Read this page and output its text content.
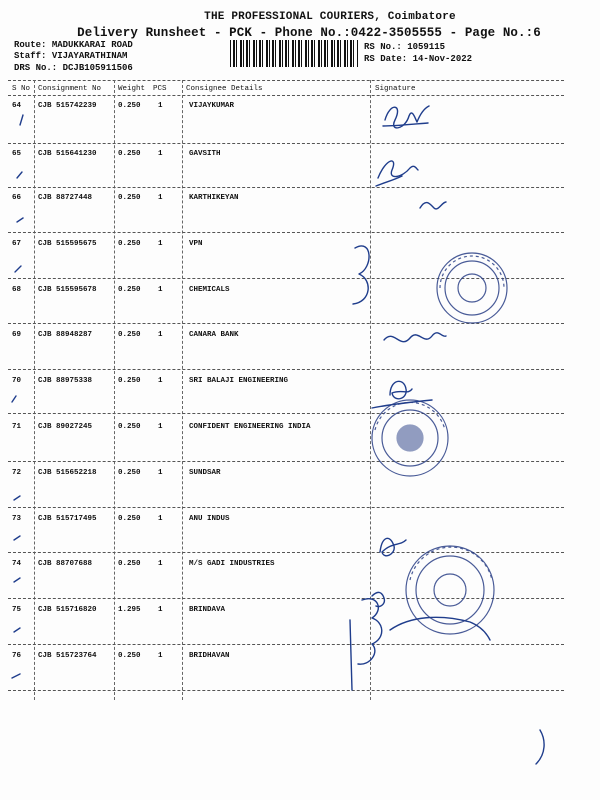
THE PROFESSIONAL COURIERS, Coimbatore
Delivery Runsheet - PCK - Phone No.:0422-3505555 - Page No.:6
Route: MADUKKARAI ROAD
Staff: VIJAYARATHINAM
DRS No.: DCJB105911506
RS No.: 1059115
RS Date: 14-Nov-2022
S No Consignment No Weight PCS	Consignee Details	Signature
64 CJB 515742239	0.250 1	VIJAYKUMAR
65 CJB 515641230	0.250 1	GAVSITH
66 CJB 88727448	0.250 1	KARTHIKEYAN
67 CJB 515595675	0.250 1	VPN
68 CJB 515595678	0.250 1	CHEMICALS
69 CJB 88948287	0.250 1	CANARA BANK
70 CJB 88975338	0.250 1	SRI BALAJI ENGINEERING
71 CJB 89027245	0.250 1	CONFIDENT ENGINEERING INDIA
72 CJB 515652218	0.250 1	SUNDSAR
73 CJB 515717495	0.250 1	ANU INDUS
74 CJB 88707688	0.250 1	M/S GADI INDUSTRIES
75 CJB 515716820	1.295 1	BRINDAVA
76 CJB 515723764	0.250 1	BRIDHAVAN
